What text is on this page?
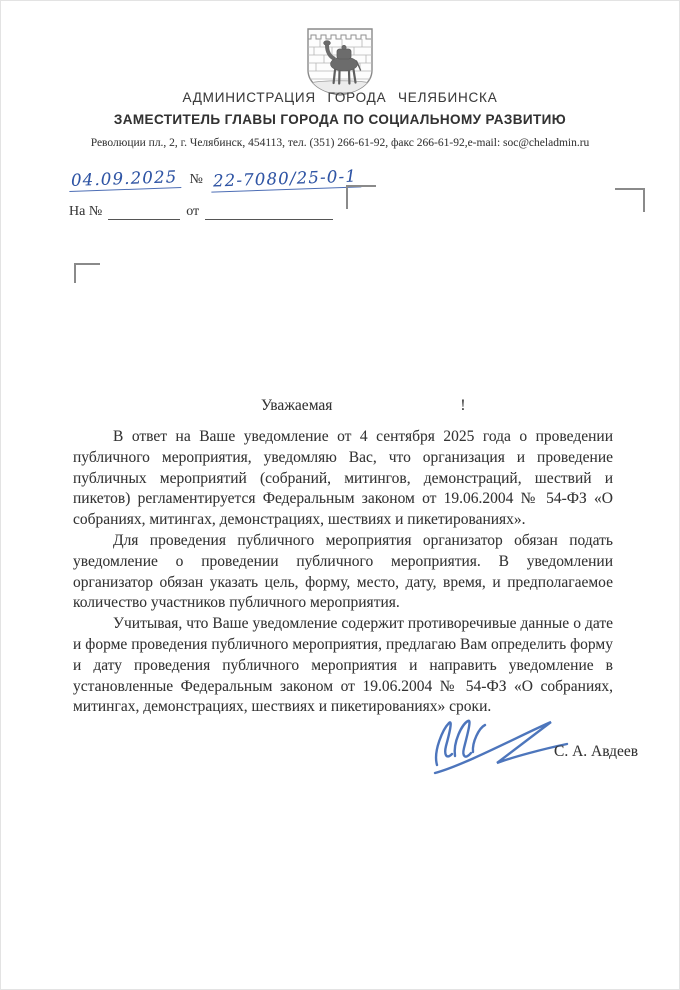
АДМИНИСТРАЦИЯ ГОРОДА ЧЕЛЯБИНСКА
ЗАМЕСТИТЕЛЬ ГЛАВЫ ГОРОДА ПО СОЦИАЛЬНОМУ РАЗВИТИЮ
Революции пл., 2, г. Челябинск, 454113, тел. (351) 266-61-92, факс 266-61-92,e-mail: soc@cheladmin.ru
04.09.2025 № 22-7080/25-0-1
На №	от
Уважаемая	!

В ответ на Ваше уведомление от 4 сентября 2025 года о проведении публичного мероприятия, уведомляю Вас, что организация и проведение публичных мероприятий (собраний, митингов, демонстраций, шествий и пикетов) регламентируется Федеральным законом от 19.06.2004 № 54-ФЗ «О собраниях, митингах, демонстрациях, шествиях и пикетированиях».

Для проведения публичного мероприятия организатор обязан подать уведомление о проведении публичного мероприятия. В уведомлении организатор обязан указать цель, форму, место, дату, время, и предполагаемое количество участников публичного мероприятия.

Учитывая, что Ваше уведомление содержит противоречивые данные о дате и форме проведения публичного мероприятия, предлагаю Вам определить форму и дату проведения публичного мероприятия и направить уведомление в установленные Федеральным законом от 19.06.2004 № 54-ФЗ «О собраниях, митингах, демонстрациях, шествиях и пикетированиях» сроки.

С. А. Авдеев
